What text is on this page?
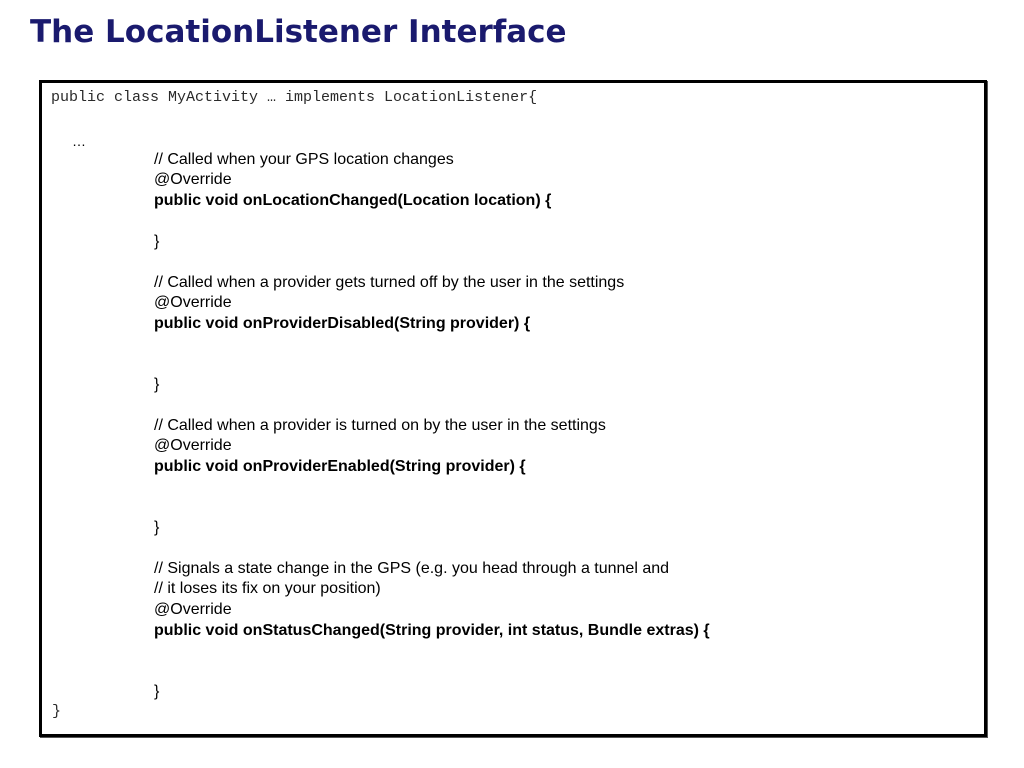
The LocationListener Interface
public class MyActivity … implements LocationListener{
…
// Called when your GPS location changes
@Override
public void onLocationChanged(Location location) {
}
// Called when a provider gets turned off by the user in the settings
@Override
public void onProviderDisabled(String provider) {
}
// Called when a provider is turned on by the user in the settings
@Override
public void onProviderEnabled(String provider) {
}
// Signals a state change in the GPS (e.g. you head through a tunnel and
// it loses its fix on your position)
@Override
public void onStatusChanged(String provider, int status, Bundle extras) {
}
}
